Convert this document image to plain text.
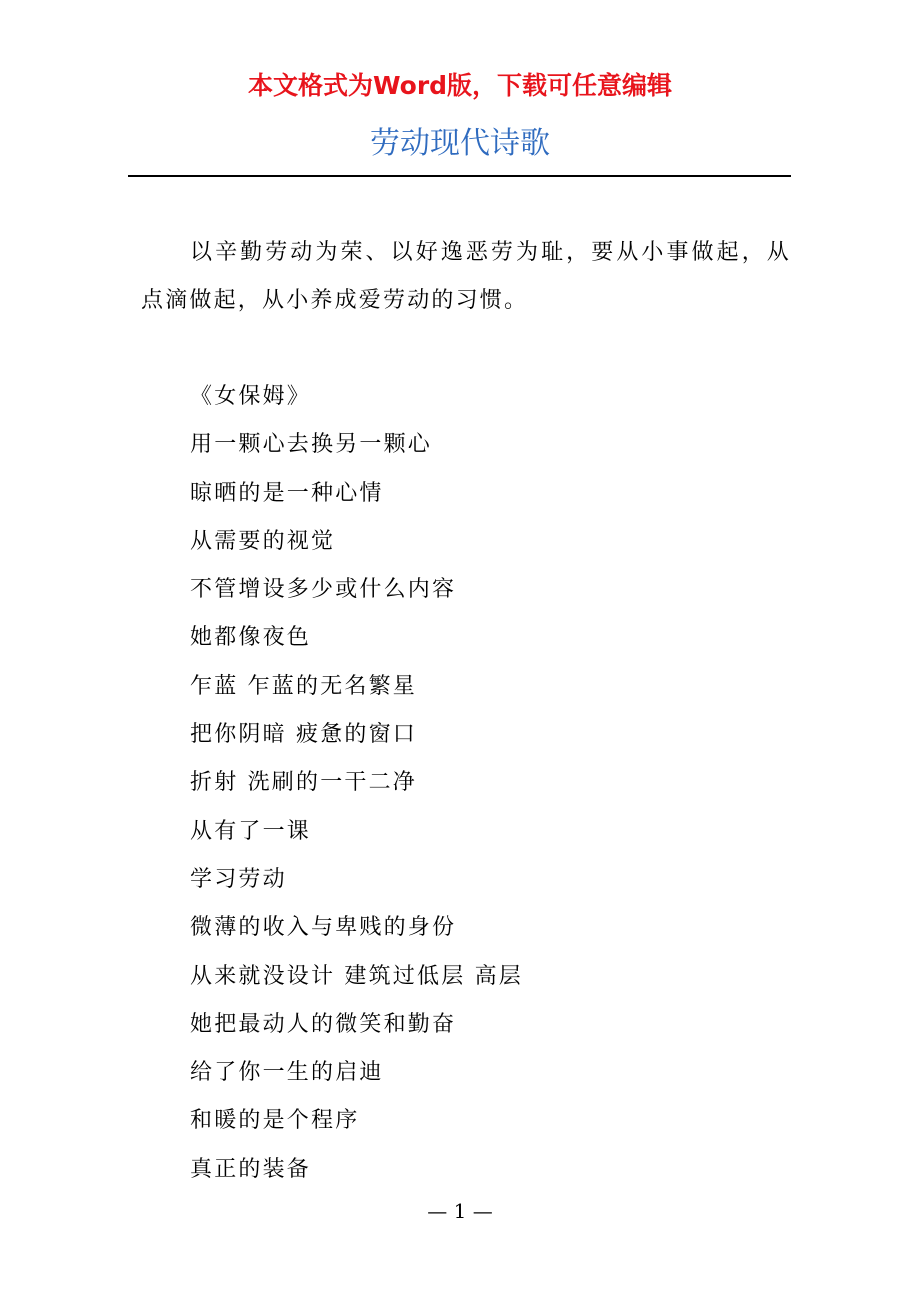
本文格式为Word版，下载可任意编辑
劳动现代诗歌

以辛勤劳动为荣、以好逸恶劳为耻，要从小事做起，从点滴做起，从小养成爱劳动的习惯。

《女保姆》
用一颗心去换另一颗心
晾晒的是一种心情
从需要的视觉
不管增设多少或什么内容
她都像夜色
乍蓝 乍蓝的无名繁星
把你阴暗 疲惫的窗口
折射 洗刷的一干二净
从有了一课
学习劳动
微薄的收入与卑贱的身份
从来就没设计 建筑过低层 高层
她把最动人的微笑和勤奋
给了你一生的启迪
和暖的是个程序
真正的装备
— 1 —
